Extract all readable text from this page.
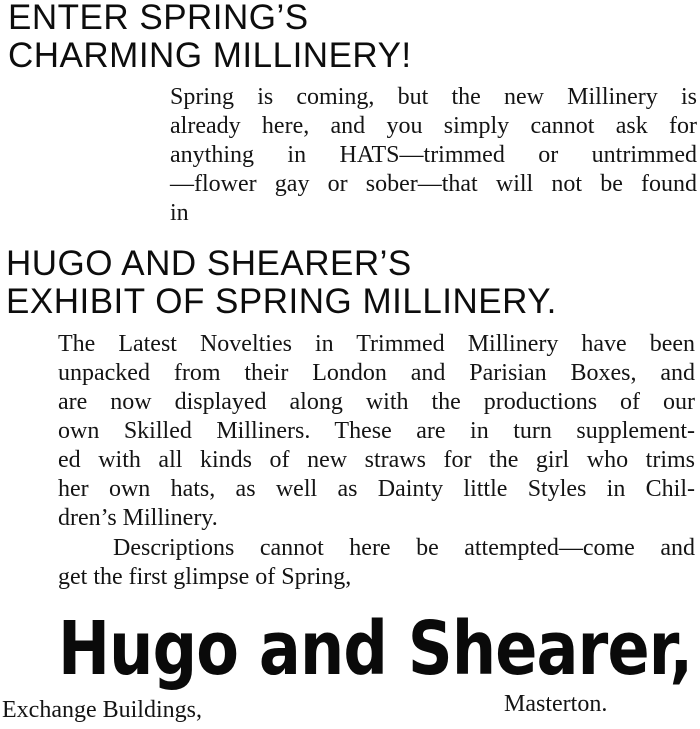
ENTER SPRING’S
CHARMING MILLINERY!
Spring is coming, but the new Millinery is
already here, and you simply cannot ask for
anything in HATS—trimmed or untrimmed
—flower gay or sober—that will not be found
in
HUGO AND SHEARER’S
EXHIBIT OF SPRING MILLINERY.
The Latest Novelties in Trimmed Millinery have been
unpacked from their London and Parisian Boxes, and
are now displayed along with the productions of our
own Skilled Milliners. These are in turn supplement-
ed with all kinds of new straws for the girl who trims
her own hats, as well as Dainty little Styles in Chil-
dren’s Millinery.
Descriptions cannot here be attempted—come and
get the first glimpse of Spring,
Hugo and Shearer,
Exchange Buildings,	Masterton.
